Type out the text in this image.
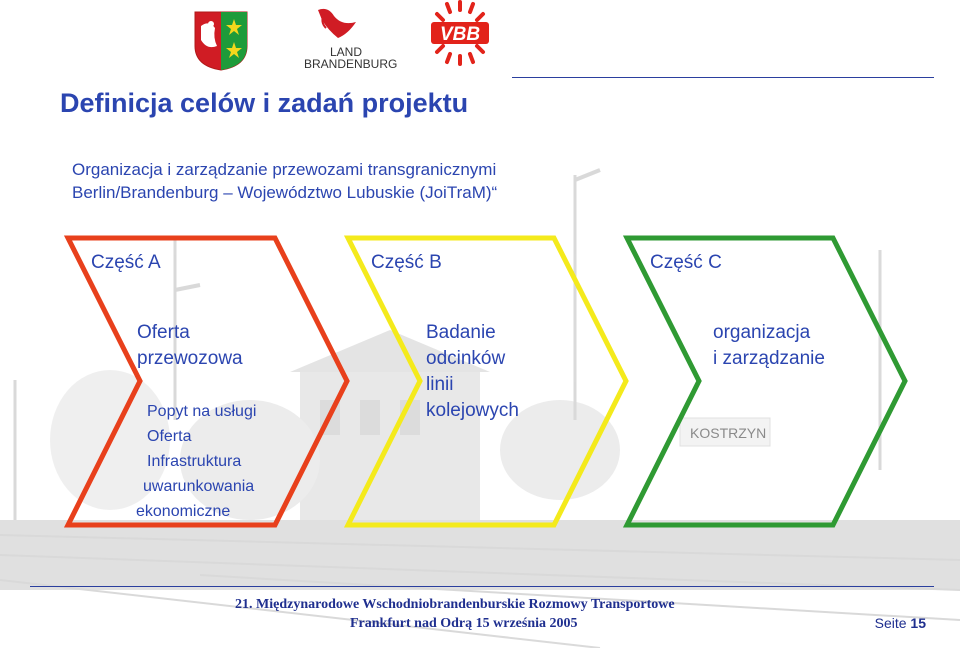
KOSTRZYN
LAND
BRANDENBURG
VBB
Definicja celów i zadań projektu
Organizacja i zarządzanie przewozami transgranicznymi
Berlin/Brandenburg – Województwo Lubuskie (JoiTraM)“
Część A	Część B	Część C
Oferta
przewozowa
Popyt na usługi
Oferta
Infrastruktura
uwarunkowania
ekonomiczne
Badanie
odcinków
linii
kolejowych
organizacja
i zarządzanie
21. Międzynarodowe Wschodniobrandenburskie Rozmowy Transportowe
Frankfurt nad Odrą 15 września 2005	Seite 15
